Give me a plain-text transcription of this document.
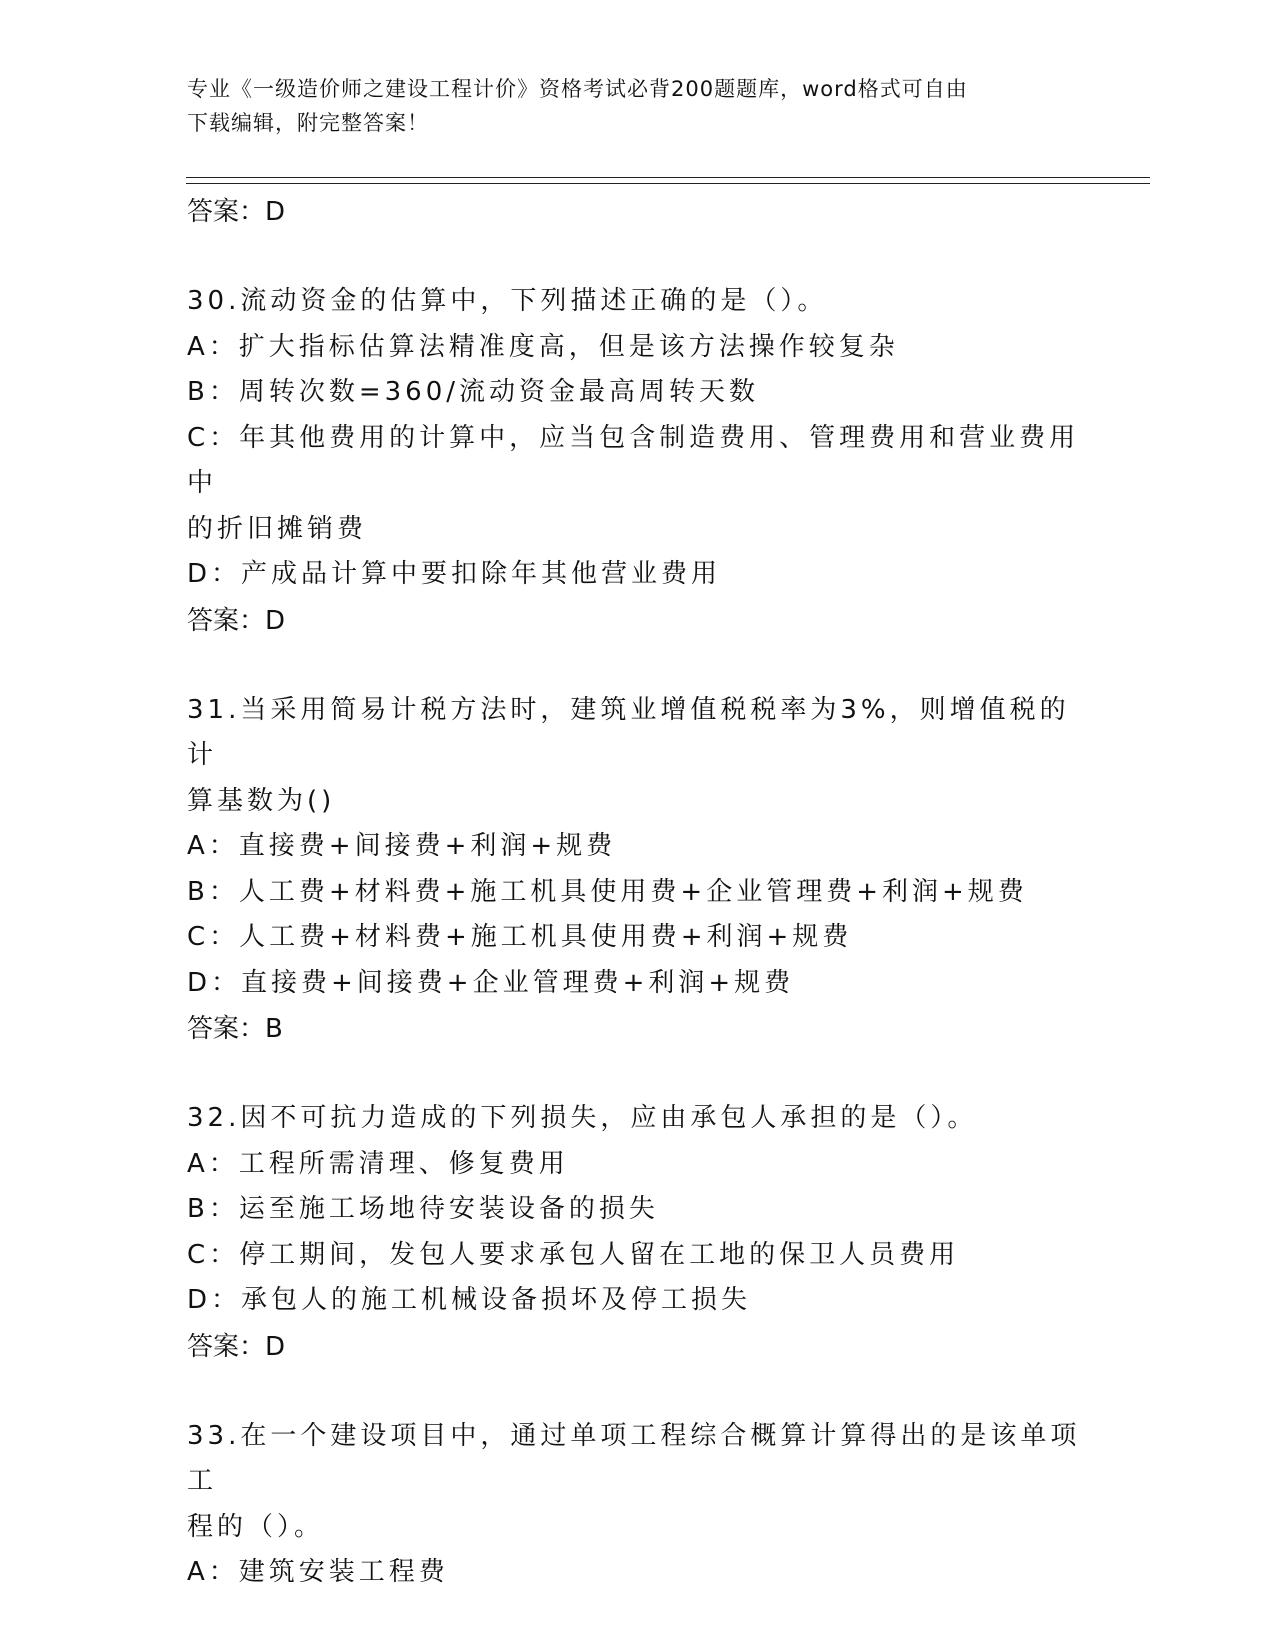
专业《一级造价师之建设工程计价》资格考试必背200题题库，word格式可自由
下载编辑，附完整答案！
答案：D
30.流动资金的估算中，下列描述正确的是（）。
A：扩大指标估算法精准度高，但是该方法操作较复杂
B：周转次数=360/流动资金最高周转天数
C：年其他费用的计算中，应当包含制造费用、管理费用和营业费用中
的折旧摊销费
D：产成品计算中要扣除年其他营业费用
答案：D
31.当采用简易计税方法时，建筑业增值税税率为3%，则增值税的计
算基数为()
A：直接费+间接费+利润+规费
B：人工费+材料费+施工机具使用费+企业管理费+利润+规费
C：人工费+材料费+施工机具使用费+利润+规费
D：直接费+间接费+企业管理费+利润+规费
答案：B
32.因不可抗力造成的下列损失，应由承包人承担的是（）。
A：工程所需清理、修复费用
B：运至施工场地待安装设备的损失
C：停工期间，发包人要求承包人留在工地的保卫人员费用
D：承包人的施工机械设备损坏及停工损失
答案：D
33.在一个建设项目中，通过单项工程综合概算计算得出的是该单项工
程的（）。
A：建筑安装工程费
